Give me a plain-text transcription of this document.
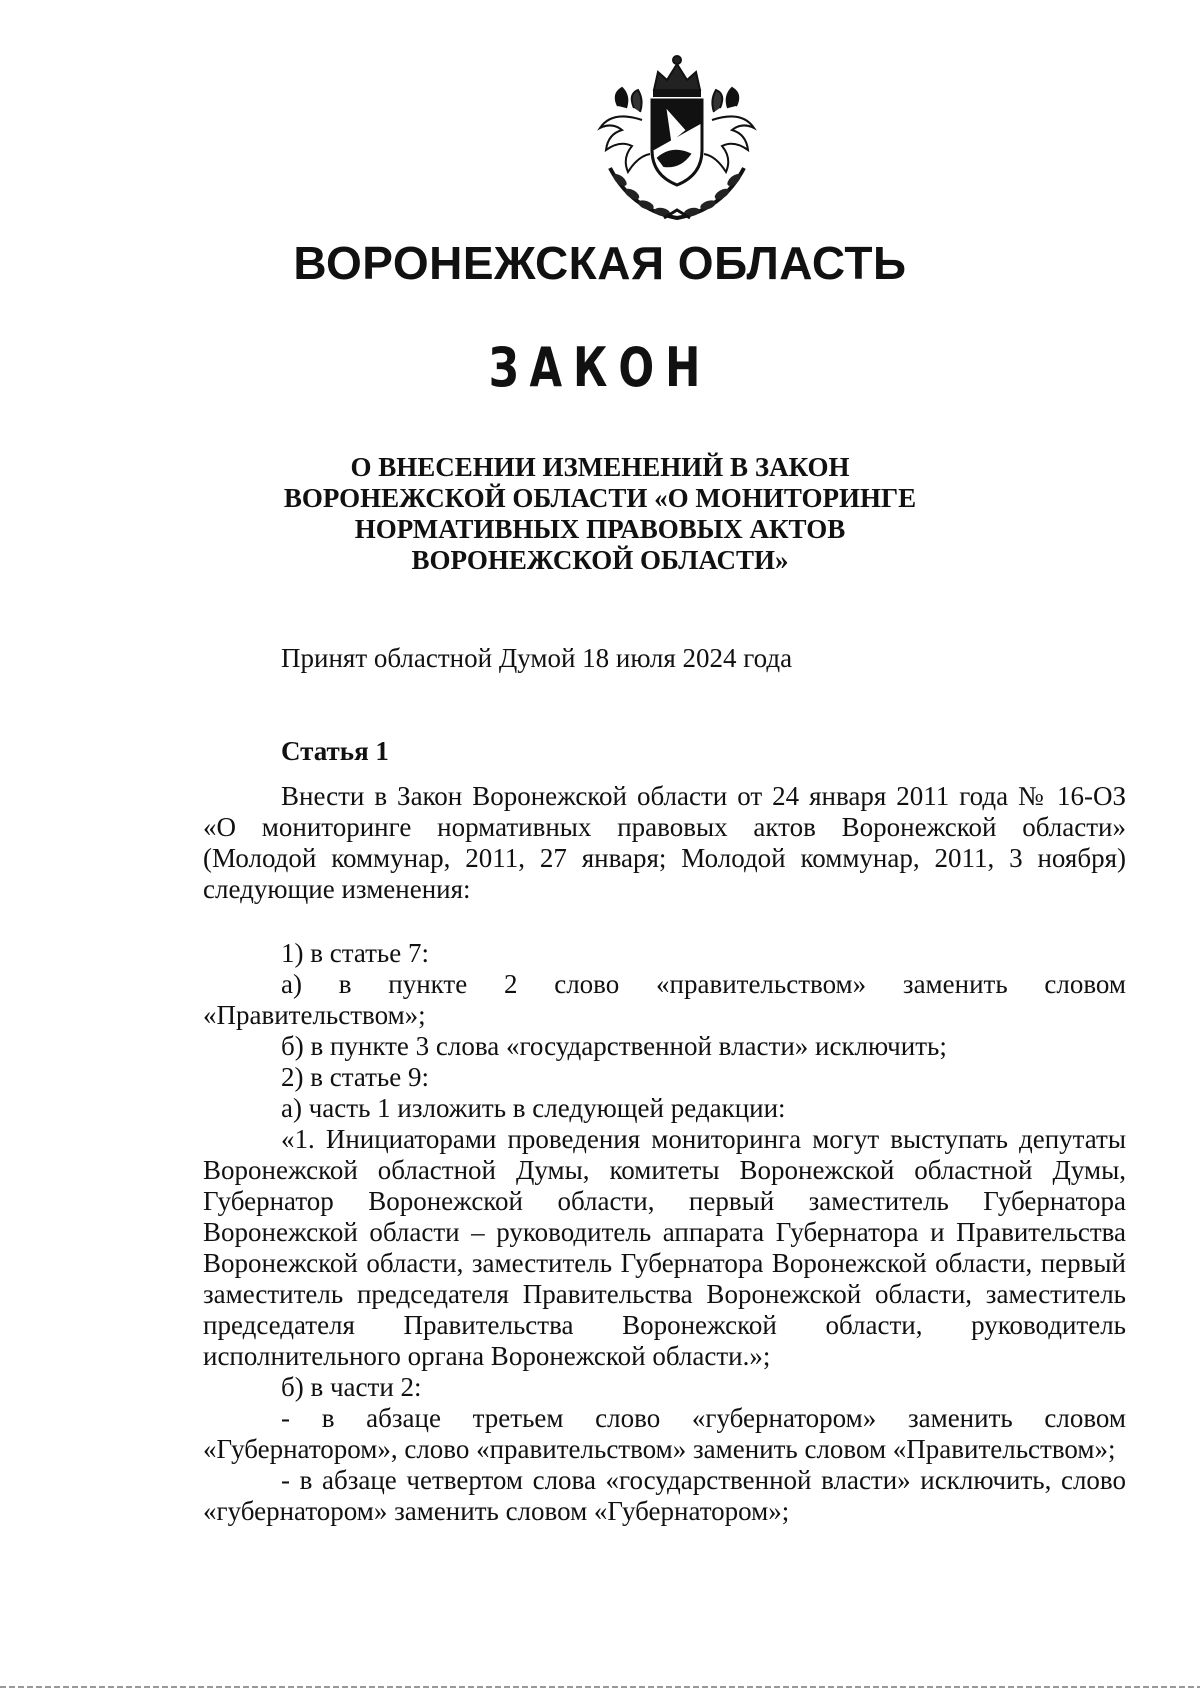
ВОРОНЕЖСКАЯ ОБЛАСТЬ
ЗАКОН
О ВНЕСЕНИИ ИЗМЕНЕНИЙ В ЗАКОН
ВОРОНЕЖСКОЙ ОБЛАСТИ «О МОНИТОРИНГЕ
НОРМАТИВНЫХ ПРАВОВЫХ АКТОВ
ВОРОНЕЖСКОЙ ОБЛАСТИ»

Принят областной Думой 18 июля 2024 года

Статья 1

Внести в Закон Воронежской области от 24 января 2011 года № 16-ОЗ «О мониторинге нормативных правовых актов Воронежской области» (Молодой коммунар, 2011, 27 января; Молодой коммунар, 2011, 3 ноября) следующие изменения:

1) в статье 7:

а) в пункте 2 слово «правительством» заменить словом «Правительством»;

б) в пункте 3 слова «государственной власти» исключить;

2) в статье 9:

а) часть 1 изложить в следующей редакции:

«1. Инициаторами проведения мониторинга могут выступать депутаты Воронежской областной Думы, комитеты Воронежской областной Думы, Губернатор Воронежской области, первый заместитель Губернатора Воронежской области – руководитель аппарата Губернатора и Правительства Воронежской области, заместитель Губернатора Воронежской области, первый заместитель председателя Правительства Воронежской области, заместитель председателя Правительства Воронежской области, руководитель исполнительного органа Воронежской области.»;

б) в части 2:

- в абзаце третьем слово «губернатором» заменить словом «Губернатором», слово «правительством» заменить словом «Правительством»;

- в абзаце четвертом слова «государственной власти» исключить, слово «губернатором» заменить словом «Губернатором»;
